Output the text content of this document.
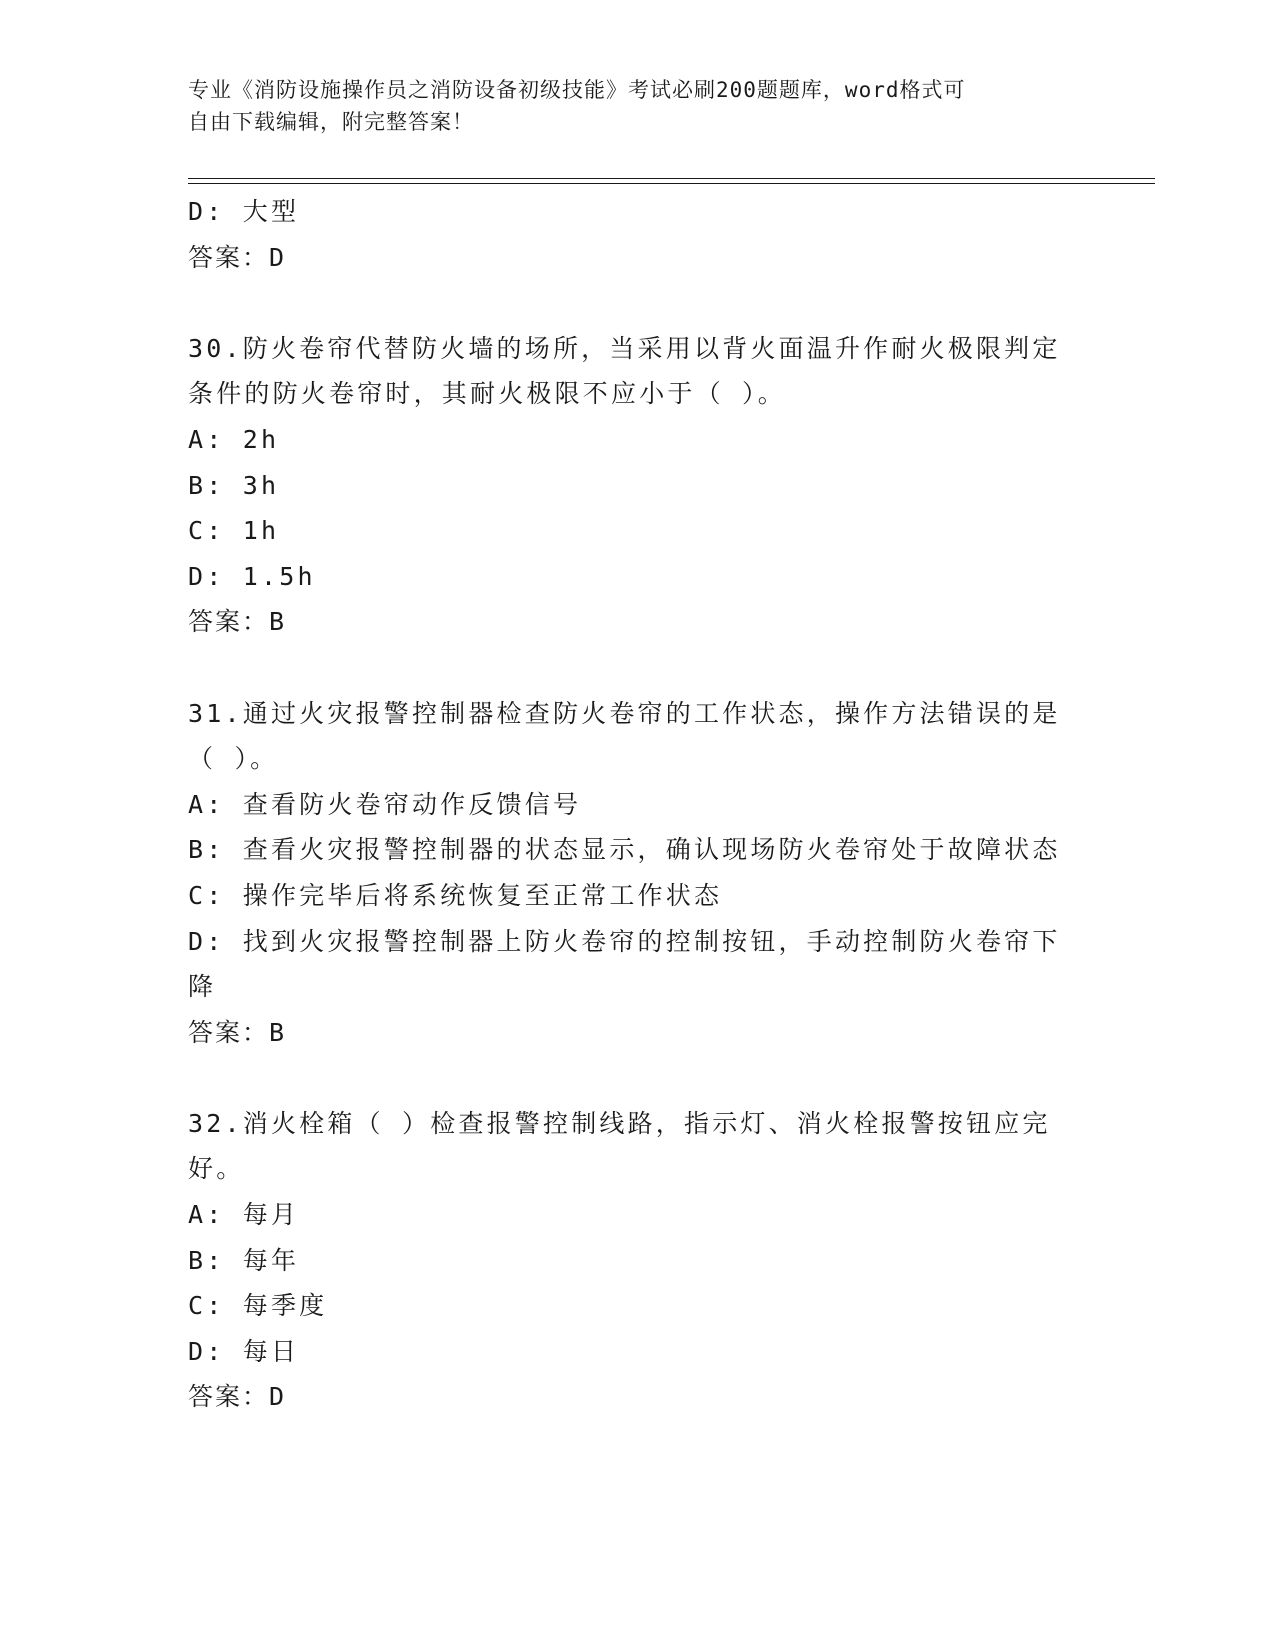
专业《消防设施操作员之消防设备初级技能》考试必刷200题题库，word格式可
自由下载编辑，附完整答案！
D: 大型
答案：D
30.防火卷帘代替防火墙的场所，当采用以背火面温升作耐火极限判定
条件的防火卷帘时，其耐火极限不应小于（ ）。
A: 2h
B: 3h
C: 1h
D: 1.5h
答案：B
31.通过火灾报警控制器检查防火卷帘的工作状态，操作方法错误的是
（ ）。
A: 查看防火卷帘动作反馈信号
B: 查看火灾报警控制器的状态显示，确认现场防火卷帘处于故障状态
C: 操作完毕后将系统恢复至正常工作状态
D: 找到火灾报警控制器上防火卷帘的控制按钮，手动控制防火卷帘下
降
答案：B
32.消火栓箱（ ）检查报警控制线路，指示灯、消火栓报警按钮应完
好。
A: 每月
B: 每年
C: 每季度
D: 每日
答案：D
